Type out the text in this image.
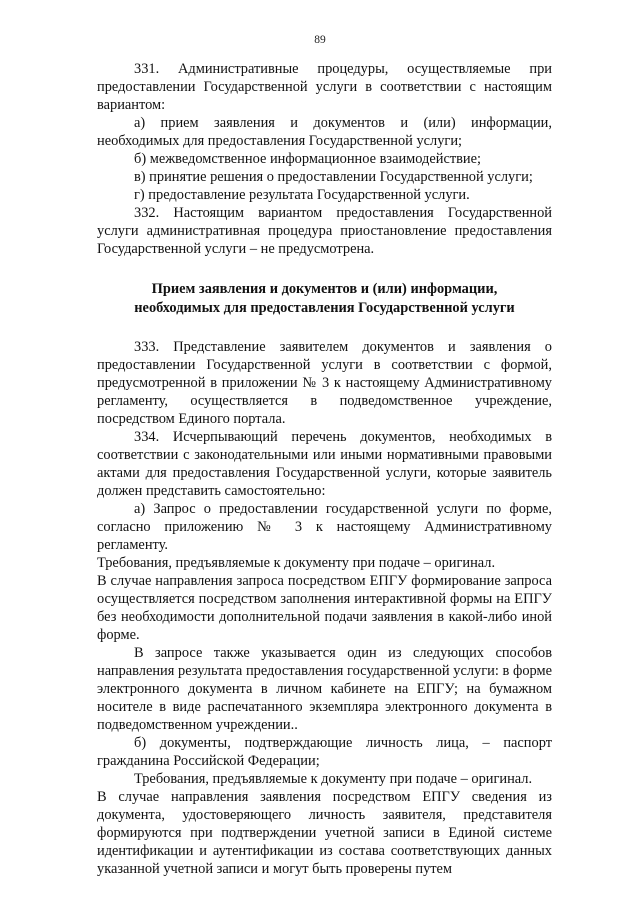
89

331. Административные процедуры, осуществляемые при предоставлении Государственной услуги в соответствии с настоящим вариантом:

а) прием заявления и документов и (или) информации, необходимых для предоставления Государственной услуги;

б) межведомственное информационное взаимодействие;

в) принятие решения о предоставлении Государственной услуги;

г) предоставление результата Государственной услуги.

332. Настоящим вариантом предоставления Государственной услуги административная процедура приостановление предоставления Государственной услуги – не предусмотрена.

Прием заявления и документов и (или) информации,
необходимых для предоставления Государственной услуги

333. Представление заявителем документов и заявления о предоставлении Государственной услуги в соответствии с формой, предусмотренной в приложении № 3 к настоящему Административному регламенту, осуществляется в подведомственное учреждение, посредством Единого портала.

334. Исчерпывающий перечень документов, необходимых в соответствии с законодательными или иными нормативными правовыми актами для предоставления Государственной услуги, которые заявитель должен представить самостоятельно:

а) Запрос о предоставлении государственной услуги по форме, согласно приложению № 3 к настоящему Административному регламенту.

Требования, предъявляемые к документу при подаче – оригинал.

В случае направления запроса посредством ЕПГУ формирование запроса осуществляется посредством заполнения интерактивной формы на ЕПГУ без необходимости дополнительной подачи заявления в какой-либо иной форме.

В запросе также указывается один из следующих способов направления результата предоставления государственной услуги: в форме электронного документа в личном кабинете на ЕПГУ; на бумажном носителе в виде распечатанного экземпляра электронного документа в подведомственном учреждении..

б) документы, подтверждающие личность лица, – паспорт гражданина Российской Федерации;

Требования, предъявляемые к документу при подаче – оригинал.

В случае направления заявления посредством ЕПГУ сведения из документа, удостоверяющего личность заявителя, представителя формируются при подтверждении учетной записи в Единой системе идентификации и аутентификации из состава соответствующих данных указанной учетной записи и могут быть проверены путем
